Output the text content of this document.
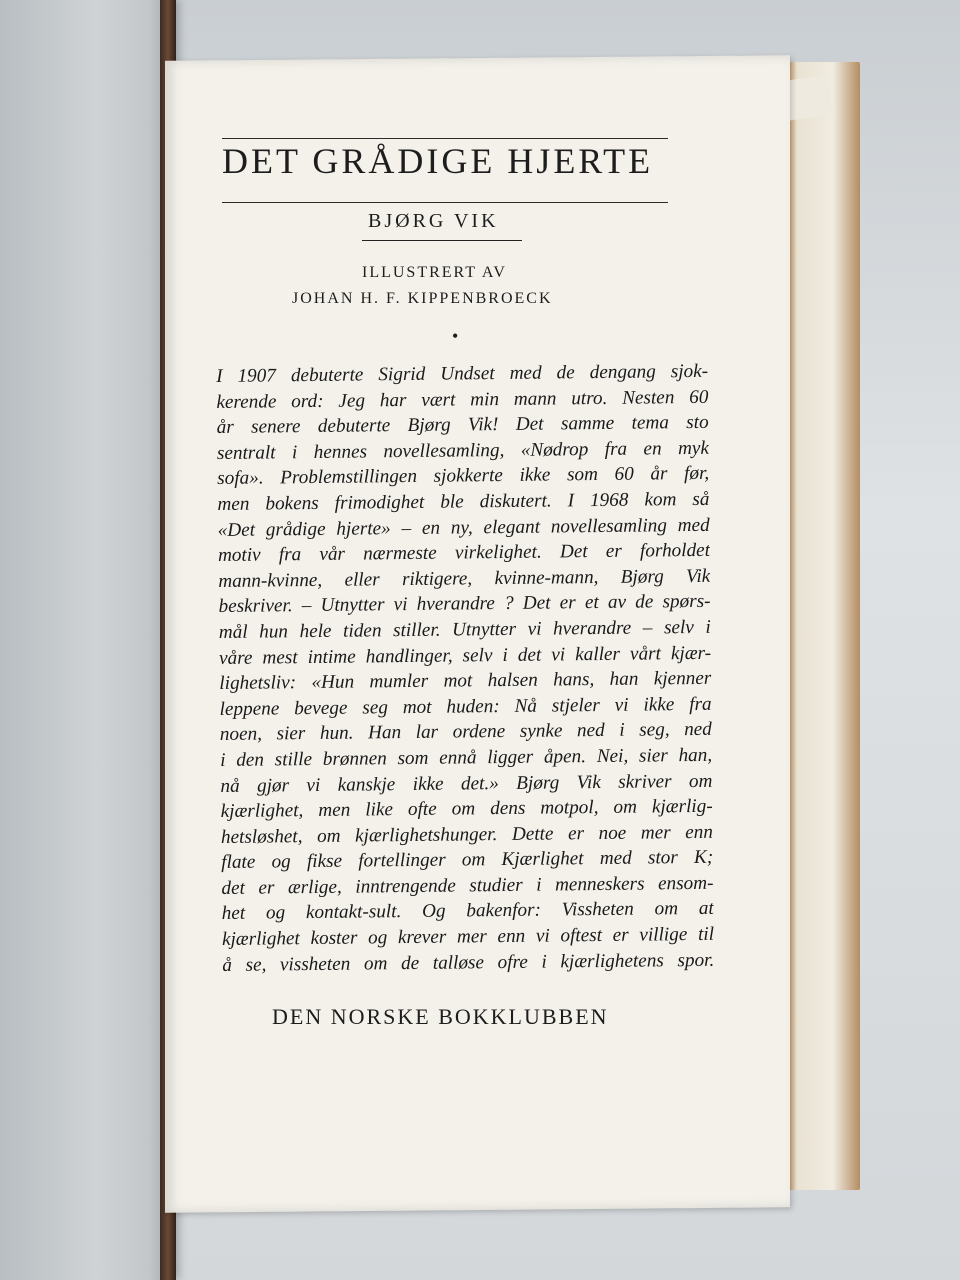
DET GRÅDIGE HJERTE
BJØRG VIK
ILLUSTRERT AV
JOHAN H. F. KIPPENBROECK
•
I 1907 debuterte Sigrid Undset med de dengang sjok-
kerende ord: Jeg har vært min mann utro. Nesten 60
år senere debuterte Bjørg Vik! Det samme tema sto
sentralt i hennes novellesamling, «Nødrop fra en myk
sofa». Problemstillingen sjokkerte ikke som 60 år før,
men bokens frimodighet ble diskutert. I 1968 kom så
«Det grådige hjerte» – en ny, elegant novellesamling med
motiv fra vår nærmeste virkelighet. Det er forholdet
mann-kvinne, eller riktigere, kvinne-mann, Bjørg Vik
beskriver. – Utnytter vi hverandre ? Det er et av de spørs-
mål hun hele tiden stiller. Utnytter vi hverandre – selv i
våre mest intime handlinger, selv i det vi kaller vårt kjær-
lighetsliv: «Hun mumler mot halsen hans, han kjenner
leppene bevege seg mot huden: Nå stjeler vi ikke fra
noen, sier hun. Han lar ordene synke ned i seg, ned
i den stille brønnen som ennå ligger åpen. Nei, sier han,
nå gjør vi kanskje ikke det.» Bjørg Vik skriver om
kjærlighet, men like ofte om dens motpol, om kjærlig-
hetsløshet, om kjærlighetshunger. Dette er noe mer enn
flate og fikse fortellinger om Kjærlighet med stor K;
det er ærlige, inntrengende studier i menneskers ensom-
het og kontakt-sult. Og bakenfor: Vissheten om at
kjærlighet koster og krever mer enn vi oftest er villige til
å se, vissheten om de talløse ofre i kjærlighetens spor.
DEN NORSKE BOKKLUBBEN
